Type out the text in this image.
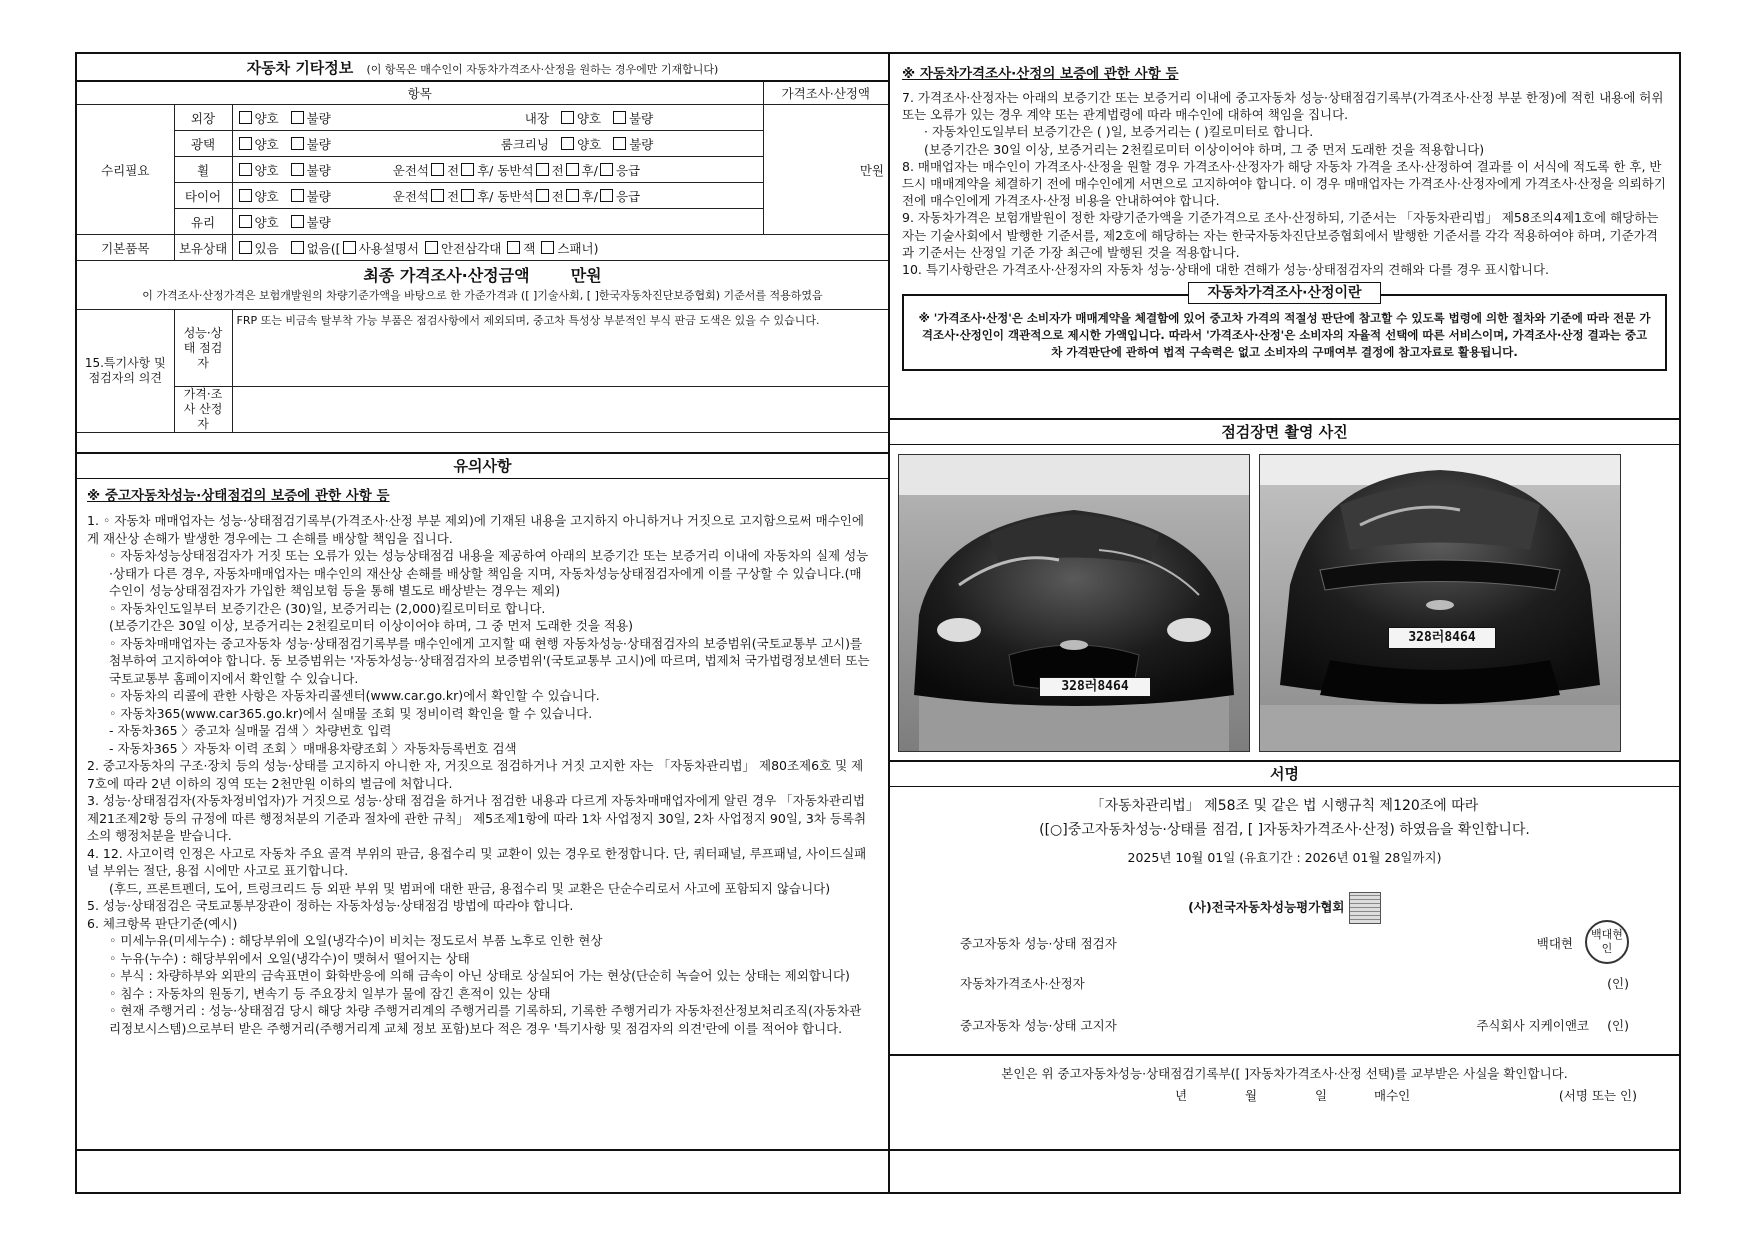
자동차 기타정보 (이 항목은 매수인이 자동차가격조사·산정을 원하는 경우에만 기재합니다)
항목			가격조사·산정액
수리필요	외장	양호 불량 내장 양호 불량	만원
	광택	양호 불량 룸크리닝 양호 불량	
	휠	양호 불량 운전석 전 후/ 동반석 전 후/ 응급	
	타이어	양호 불량 운전석 전 후/ 동반석 전 후/ 응급	
	유리	양호 불량	
기본품목	보유상태	있음 없음([ 사용설명서 안전삼각대 잭 스패너)	

최종 가격조사·산정금액 만원
이 가격조사·산정가격은 보험개발원의 차량기준가액을 바탕으로 한 가준가격과 ([ ]기술사회, [ ]한국자동차진단보증협회) 기준서를 적용하였음			

15.특기사항 및 점검자의 의견	성능·상태 점검자	FRP 또는 비금속 탈부착 가능 부품은 점검사항에서 제외되며, 중고차 특성상 부분적인 부식 판금 도색은 있을 수 있습니다.	
	가격·조사 산정자		
유의사항
※ 중고자동차성능·상태점검의 보증에 관한 사항 등
1. ◦ 자동차 매매업자는 성능·상태점검기록부(가격조사·산정 부분 제외)에 기재된 내용을 고지하지 아니하거나 거짓으로 고지함으로써 매수인에게 재산상 손해가 발생한 경우에는 그 손해를 배상할 책임을 집니다.
◦ 자동차성능상태점검자가 거짓 또는 오류가 있는 성능상태점검 내용을 제공하여 아래의 보증기간 또는 보증거리 이내에 자동차의 실제 성능·상태가 다른 경우, 자동차매매업자는 매수인의 재산상 손해를 배상할 책임을 지며, 자동차성능상태점검자에게 이를 구상할 수 있습니다.(매수인이 성능상태점검자가 가입한 책임보험 등을 통해 별도로 배상받는 경우는 제외)
◦ 자동차인도일부터 보증기간은 (30)일, 보증거리는 (2,000)킬로미터로 합니다.
(보증기간은 30일 이상, 보증거리는 2천킬로미터 이상이어야 하며, 그 중 먼저 도래한 것을 적용)
◦ 자동차매매업자는 중고자동차 성능·상태점검기록부를 매수인에게 고지할 때 현행 자동차성능·상태점검자의 보증범위(국토교통부 고시)를 첨부하여 고지하여야 합니다. 동 보증범위는 '자동차성능·상태점검자의 보증범위'(국토교통부 고시)에 따르며, 법제처 국가법령정보센터 또는 국토교통부 홈페이지에서 확인할 수 있습니다.
◦ 자동차의 리콜에 관한 사항은 자동차리콜센터(www.car.go.kr)에서 확인할 수 있습니다.
◦ 자동차365(www.car365.go.kr)에서 실매물 조회 및 정비이력 확인을 할 수 있습니다.
- 자동차365 〉중고차 실매물 검색 〉차량번호 입력
- 자동차365 〉자동차 이력 조회 〉매매용차량조회 〉자동차등록번호 검색
2. 중고자동차의 구조·장치 등의 성능·상태를 고지하지 아니한 자, 거짓으로 점검하거나 거짓 고지한 자는 「자동차관리법」 제80조제6호 및 제7호에 따라 2년 이하의 징역 또는 2천만원 이하의 벌금에 처합니다.
3. 성능·상태점검자(자동차정비업자)가 거짓으로 성능·상태 점검을 하거나 점검한 내용과 다르게 자동차매매업자에게 알린 경우 「자동차관리법 제21조제2항 등의 규정에 따른 행정처분의 기준과 절차에 관한 규칙」 제5조제1항에 따라 1차 사업정지 30일, 2차 사업정지 90일, 3차 등록취소의 행정처분을 받습니다.
4. 12. 사고이력 인정은 사고로 자동차 주요 골격 부위의 판금, 용접수리 및 교환이 있는 경우로 한정합니다. 단, 쿼터패널, 루프패널, 사이드실패널 부위는 절단, 용접 시에만 사고로 표기합니다.
(후드, 프론트펜더, 도어, 트렁크리드 등 외판 부위 및 범퍼에 대한 판금, 용접수리 및 교환은 단순수리로서 사고에 포함되지 않습니다)
5. 성능·상태점검은 국토교통부장관이 정하는 자동차성능·상태점검 방법에 따라야 합니다.
6. 체크항목 판단기준(예시)
◦ 미세누유(미세누수) : 해당부위에 오일(냉각수)이 비치는 정도로서 부품 노후로 인한 현상
◦ 누유(누수) : 해당부위에서 오일(냉각수)이 맺혀서 떨어지는 상태
◦ 부식 : 차량하부와 외판의 금속표면이 화학반응에 의해 금속이 아닌 상태로 상실되어 가는 현상(단순히 녹슬어 있는 상태는 제외합니다)
◦ 침수 : 자동차의 원동기, 변속기 등 주요장치 일부가 물에 잠긴 흔적이 있는 상태
◦ 현재 주행거리 : 성능·상태점검 당시 해당 차량 주행거리계의 주행거리를 기록하되, 기록한 주행거리가 자동차전산정보처리조직(자동차관리정보시스템)으로부터 받은 주행거리(주행거리계 교체 정보 포함)보다 적은 경우 '특기사항 및 점검자의 의견'란에 이를 적어야 합니다.
※ 자동차가격조사·산정의 보증에 관한 사항 등
7. 가격조사·산정자는 아래의 보증기간 또는 보증거리 이내에 중고자동차 성능·상태점검기록부(가격조사·산정 부분 한정)에 적힌 내용에 허위 또는 오류가 있는 경우 계약 또는 관계법령에 따라 매수인에 대하여 책임을 집니다.
· 자동차인도일부터 보증기간은 ( )일, 보증거리는 ( )킬로미터로 합니다.
(보증기간은 30일 이상, 보증거리는 2천킬로미터 이상이어야 하며, 그 중 먼저 도래한 것을 적용합니다)
8. 매매업자는 매수인이 가격조사·산정을 원할 경우 가격조사·산정자가 해당 자동차 가격을 조사·산정하여 결과를 이 서식에 적도록 한 후, 반드시 매매계약을 체결하기 전에 매수인에게 서면으로 고지하여야 합니다. 이 경우 매매업자는 가격조사·산정자에게 가격조사·산정을 의뢰하기 전에 매수인에게 가격조사·산정 비용을 안내하여야 합니다.
9. 자동차가격은 보험개발원이 정한 차량기준가액을 기준가격으로 조사·산정하되, 기준서는 「자동차관리법」 제58조의4제1호에 해당하는 자는 기술사회에서 발행한 기준서를, 제2호에 해당하는 자는 한국자동차진단보증협회에서 발행한 기준서를 각각 적용하여야 하며, 기준가격과 기준서는 산정일 기준 가장 최근에 발행된 것을 적용합니다.
10. 특기사항란은 가격조사·산정자의 자동차 성능·상태에 대한 견해가 성능·상태점검자의 견해와 다를 경우 표시합니다.
자동차가격조사·산정이란
※ '가격조사·산정'은 소비자가 매매계약을 체결함에 있어 중고차 가격의 적절성 판단에 참고할 수 있도록 법령에 의한 절차와 기준에 따라 전문 가격조사·산정인이 객관적으로 제시한 가액입니다. 따라서 '가격조사·산정'은 소비자의 자율적 선택에 따른 서비스이며, 가격조사·산정 결과는 중고차 가격판단에 관하여 법적 구속력은 없고 소비자의 구매여부 결정에 참고자료로 활용됩니다.
점검장면 촬영 사진
328러8464
328러8464
서명
「자동차관리법」 제58조 및 같은 법 시행규칙 제120조에 따라
([○]중고자동차성능·상태를 점검, [ ]자동차가격조사·산정) 하였음을 확인합니다.
2025년 10월 01일 (유효기간 : 2026년 01월 28일까지)
(사)전국자동차성능평가협회
중고자동차 성능·상태 점검자	백대현
백대현인
자동차가격조사·산정자	(인)
중고자동차 성능·상태 고지자	주식회사 지케이앤코 (인)
본인은 위 중고자동차성능·상태점검기록부([ ]자동차가격조사·산정 선택)를 교부받은 사실을 확인합니다.
년	월	일	매수인	(서명 또는 인)
